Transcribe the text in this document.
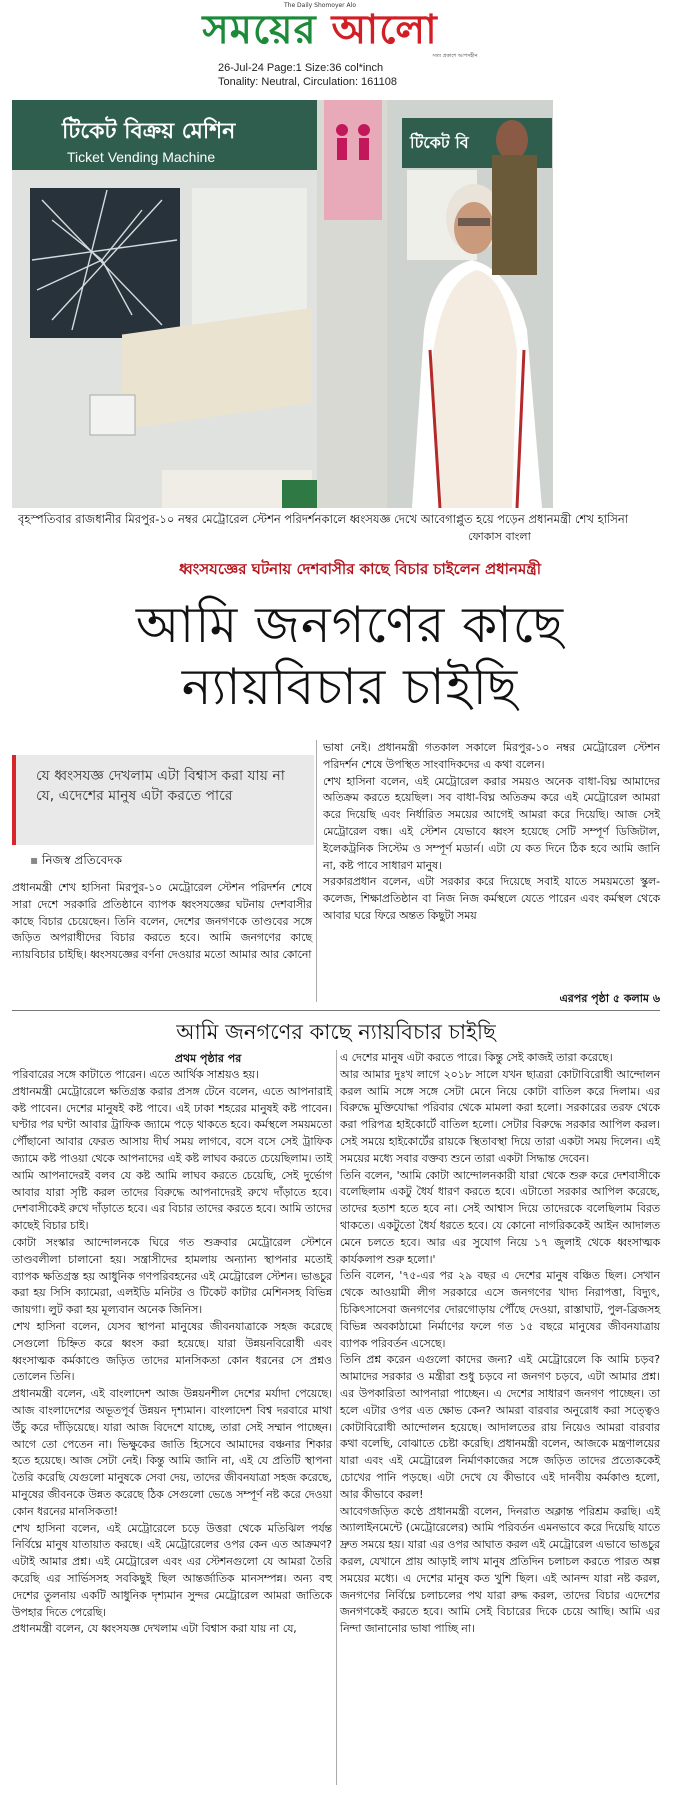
The Daily Shomoyer Alo
সময়ের আলো
সত্য প্রকাশে আপসহীন
26-Jul-24 Page:1 Size:36 col*inch
Tonality: Neutral, Circulation: 161108
টিকেট বিক্রয় মেশিন
Ticket Vending Machine
টিকেট বি
বৃহস্পতিবার রাজধানীর মিরপুর-১০ নম্বর মেট্রোরেল স্টেশন পরিদর্শনকালে ধ্বংসযজ্ঞ দেখে আবেগাপ্লুত হয়ে পড়েন প্রধানমন্ত্রী শেখ হাসিনা
ফোকাস বাংলা
ধ্বংসযজ্ঞের ঘটনায় দেশবাসীর কাছে বিচার চাইলেন প্রধানমন্ত্রী
আমি জনগণের কাছে
ন্যায়বিচার চাইছি
যে ধ্বংসযজ্ঞ দেখলাম এটা বিশ্বাস করা যায় না যে, এদেশের মানুষ এটা করতে পারে
▪ নিজস্ব প্রতিবেদক
প্রধানমন্ত্রী শেখ হাসিনা মিরপুর-১০ মেট্রোরেল স্টেশন পরিদর্শন শেষে সারা দেশে সরকারি প্রতিষ্ঠানে ব্যাপক ধ্বংসযজ্ঞের ঘটনায় দেশবাসীর কাছে বিচার চেয়েছেন। তিনি বলেন, দেশের জনগণকে তাণ্ডবের সঙ্গে জড়িত অপরাধীদের বিচার করতে হবে। আমি জনগণের কাছে ন্যায়বিচার চাইছি। ধ্বংসযজ্ঞের বর্ণনা দেওয়ার মতো আমার আর কোনো
ভাষা নেই। প্রধানমন্ত্রী গতকাল সকালে মিরপুর-১০ নম্বর মেট্রোরেল স্টেশন পরিদর্শন শেষে উপস্থিত সাংবাদিকদের এ কথা বলেন।
শেখ হাসিনা বলেন, এই মেট্রোরেল করার সময়ও অনেক বাধা-বিঘ্ন আমাদের অতিক্রম করতে হয়েছিল। সব বাধা-বিঘ্ন অতিক্রম করে এই মেট্রোরেল আমরা করে দিয়েছি এবং নির্ধারিত সময়ের আগেই আমরা করে দিয়েছি। আজ সেই মেট্রোরেল বন্ধ। এই স্টেশন যেভাবে ধ্বংস হয়েছে সেটি সম্পূর্ণ ডিজিটাল, ইলেকট্রনিক সিস্টেম ও সম্পূর্ণ মডার্ন। এটা যে কত দিনে ঠিক হবে আমি জানি না, কষ্ট পাবে সাধারণ মানুষ।
সরকারপ্রধান বলেন, এটা সরকার করে দিয়েছে সবাই যাতে সময়মতো স্কুল-কলেজ, শিক্ষাপ্রতিষ্ঠান বা নিজ নিজ কর্মস্থলে যেতে পারেন এবং কর্মস্থল থেকে আবার ঘরে ফিরে অন্তত কিছুটা সময়
এরপর পৃষ্ঠা ৫ কলাম ৬
আমি জনগণের কাছে ন্যায়বিচার চাইছি
প্রথম পৃষ্ঠার পর
পরিবারের সঙ্গে কাটাতে পারেন। এতে আর্থিক সাশ্রয়ও হয়।
প্রধানমন্ত্রী মেট্রোরেলে ক্ষতিগ্রস্ত করার প্রসঙ্গ টেনে বলেন, এতে আপনারাই কষ্ট পাবেন। দেশের মানুষই কষ্ট পাবে। এই ঢাকা শহরের মানুষই কষ্ট পাবেন। ঘণ্টার পর ঘণ্টা আবার ট্রাফিক জ্যামে পড়ে থাকতে হবে। কর্মস্থলে সময়মতো পৌঁছানো আবার ফেরত আসায় দীর্ঘ সময় লাগবে, বসে বসে সেই ট্রাফিক জ্যামে কষ্ট পাওয়া থেকে আপনাদের এই কষ্ট লাঘব করতে চেয়েছিলাম। তাই আমি আপনাদেরই বলব যে কষ্ট আমি লাঘব করতে চেয়েছি, সেই দুর্ভোগ আবার যারা সৃষ্টি করল তাদের বিরুদ্ধে আপনাদেরই রুখে দাঁড়াতে হবে। দেশবাসীকেই রুখে দাঁড়াতে হবে। এর বিচার তাদের করতে হবে। আমি তাদের কাছেই বিচার চাই।
কোটা সংস্কার আন্দোলনকে ঘিরে গত শুক্রবার মেট্রোরেল স্টেশনে তাণ্ডবলীলা চালানো হয়। সন্ত্রাসীদের হামলায় অন্যান্য স্থাপনার মতোই ব্যাপক ক্ষতিগ্রস্ত হয় আধুনিক গণপরিবহনের এই মেট্রোরেল স্টেশন। ভাঙচুর করা হয় সিসি ক্যামেরা, এলইডি মনিটর ও টিকেট কাটার মেশিনসহ বিভিন্ন জায়গা। লুট করা হয় মূল্যবান অনেক জিনিস।
শেখ হাসিনা বলেন, যেসব স্থাপনা মানুষের জীবনযাত্রাকে সহজ করেছে সেগুলো চিহ্নিত করে ধ্বংস করা হয়েছে। যারা উন্নয়নবিরোধী এবং ধ্বংসাত্মক কর্মকাণ্ডে জড়িত তাদের মানসিকতা কোন ধরনের সে প্রশ্নও তোলেন তিনি।
প্রধানমন্ত্রী বলেন, এই বাংলাদেশ আজ উন্নয়নশীল দেশের মর্যাদা পেয়েছে। আজ বাংলাদেশের অভূতপূর্ব উন্নয়ন দৃশ্যমান। বাংলাদেশ বিশ্ব দরবারে মাথা উঁচু করে দাঁড়িয়েছে। যারা আজ বিদেশে যাচ্ছে, তারা সেই সম্মান পাচ্ছেন। আগে তো পেতেন না। ভিক্ষুকের জাতি হিসেবে আমাদের বঞ্চনার শিকার হতে হয়েছে। আজ সেটা নেই। কিন্তু আমি জানি না, এই যে প্রতিটি স্থাপনা তৈরি করেছি যেগুলো মানুষকে সেবা দেয়, তাদের জীবনযাত্রা সহজ করেছে, মানুষের জীবনকে উন্নত করেছে ঠিক সেগুলো ভেঙে সম্পূর্ণ নষ্ট করে দেওয়া কোন ধরনের মানসিকতা!
শেখ হাসিনা বলেন, এই মেট্রোরেলে চড়ে উত্তরা থেকে মতিঝিল পর্যন্ত নির্বিঘ্নে মানুষ যাতায়াত করছে। এই মেট্রোরেলের ওপর কেন এত আক্রমণ? এটাই আমার প্রশ্ন। এই মেট্রোরেল এবং এর স্টেশনগুলো যে আমরা তৈরি করেছি এর সার্ভিসসহ সবকিছুই ছিল আন্তর্জাতিক মানসম্পন্ন। অন্য বহু দেশের তুলনায় একটি আধুনিক দৃশ্যমান সুন্দর মেট্রোরেল আমরা জাতিকে উপহার দিতে পেরেছি।
প্রধানমন্ত্রী বলেন, যে ধ্বংসযজ্ঞ দেখলাম এটা বিশ্বাস করা যায় না যে,
এ দেশের মানুষ এটা করতে পারে। কিন্তু সেই কাজই তারা করেছে।
আর আমার দুঃখ লাগে ২০১৮ সালে যখন ছাত্ররা কোটাবিরোধী আন্দোলন করল আমি সঙ্গে সঙ্গে সেটা মেনে নিয়ে কোটা বাতিল করে দিলাম। এর বিরুদ্ধে মুক্তিযোদ্ধা পরিবার থেকে মামলা করা হলো। সরকারের তরফ থেকে করা পরিপত্র হাইকোর্টে বাতিল হলো। সেটার বিরুদ্ধে সরকার আপিল করল। সেই সময়ে হাইকোর্টের রায়কে স্থিতাবস্থা দিয়ে তারা একটা সময় দিলেন। এই সময়ের মধ্যে সবার বক্তব্য শুনে তারা একটা সিদ্ধান্ত দেবেন।
তিনি বলেন, 'আমি কোটা আন্দোলনকারী যারা থেকে শুরু করে দেশবাসীকে বলেছিলাম একটু ধৈর্য ধারণ করতে হবে। এটাতো সরকার আপিল করেছে, তাদের হতাশ হতে হবে না। সেই আশ্বাস দিয়ে তাদেরকে বলেছিলাম বিরত থাকতে। একটুতো ধৈর্য ধরতে হবে। যে কোনো নাগরিককেই আইন আদালত মেনে চলতে হবে। আর এর সুযোগ নিয়ে ১৭ জুলাই থেকে ধ্বংসাত্মক কার্যকলাপ শুরু হলো।'
তিনি বলেন, '৭৫-এর পর ২৯ বছর এ দেশের মানুষ বঞ্চিত ছিল। সেখান থেকে আওয়ামী লীগ সরকারে এসে জনগণের খাদ্য নিরাপত্তা, বিদ্যুৎ, চিকিৎসাসেবা জনগণের দোরগোড়ায় পৌঁছে দেওয়া, রাস্তাঘাট, পুল-ব্রিজসহ বিভিন্ন অবকাঠামো নির্মাণের ফলে গত ১৫ বছরে মানুষের জীবনযাত্রায় ব্যাপক পরিবর্তন এসেছে।
তিনি প্রশ্ন করেন এগুলো কাদের জন্য? এই মেট্রোরেলে কি আমি চড়ব? আমাদের সরকার ও মন্ত্রীরা শুধু চড়বে না জনগণ চড়বে, এটা আমার প্রশ্ন। এর উপকারিতা আপনারা পাচ্ছেন। এ দেশের সাধারণ জনগণ পাচ্ছেন। তা হলে এটার ওপর এত ক্ষোভ কেন? আমরা বারবার অনুরোধ করা সত্ত্বেও কোটাবিরোধী আন্দোলন হয়েছে। আদালতের রায় নিয়েও আমরা বারবার কথা বলেছি, বোঝাতে চেষ্টা করেছি। প্রধানমন্ত্রী বলেন, আজকে মন্ত্রণালয়ের যারা এবং এই মেট্রোরেল নির্মাণকাজের সঙ্গে জড়িত তাদের প্রত্যেককেই চোখের পানি পড়ছে। এটা দেখে যে কীভাবে এই দানবীয় কর্মকাণ্ড হলো, আর কীভাবে করল!
আবেগজড়িত কণ্ঠে প্রধানমন্ত্রী বলেন, দিনরাত অক্লান্ত পরিশ্রম করছি। এই অ্যালাইনমেন্টে (মেট্রোরেলের) আমি পরিবর্তন এমনভাবে করে দিয়েছি যাতে দ্রুত সময়ে হয়। যারা এর ওপর আঘাত করল এই মেট্রোরেল এভাবে ভাঙচুর করল, যেখানে প্রায় আড়াই লাখ মানুষ প্রতিদিন চলাচল করতে পারত অল্প সময়ের মধ্যে। এ দেশের মানুষ কত খুশি ছিল। এই আনন্দ যারা নষ্ট করল, জনগণের নির্বিঘ্নে চলাচলের পথ যারা রুদ্ধ করল, তাদের বিচার এদেশের জনগণকেই করতে হবে। আমি সেই বিচারের দিকে চেয়ে আছি। আমি এর নিন্দা জানানোর ভাষা পাচ্ছি না।
